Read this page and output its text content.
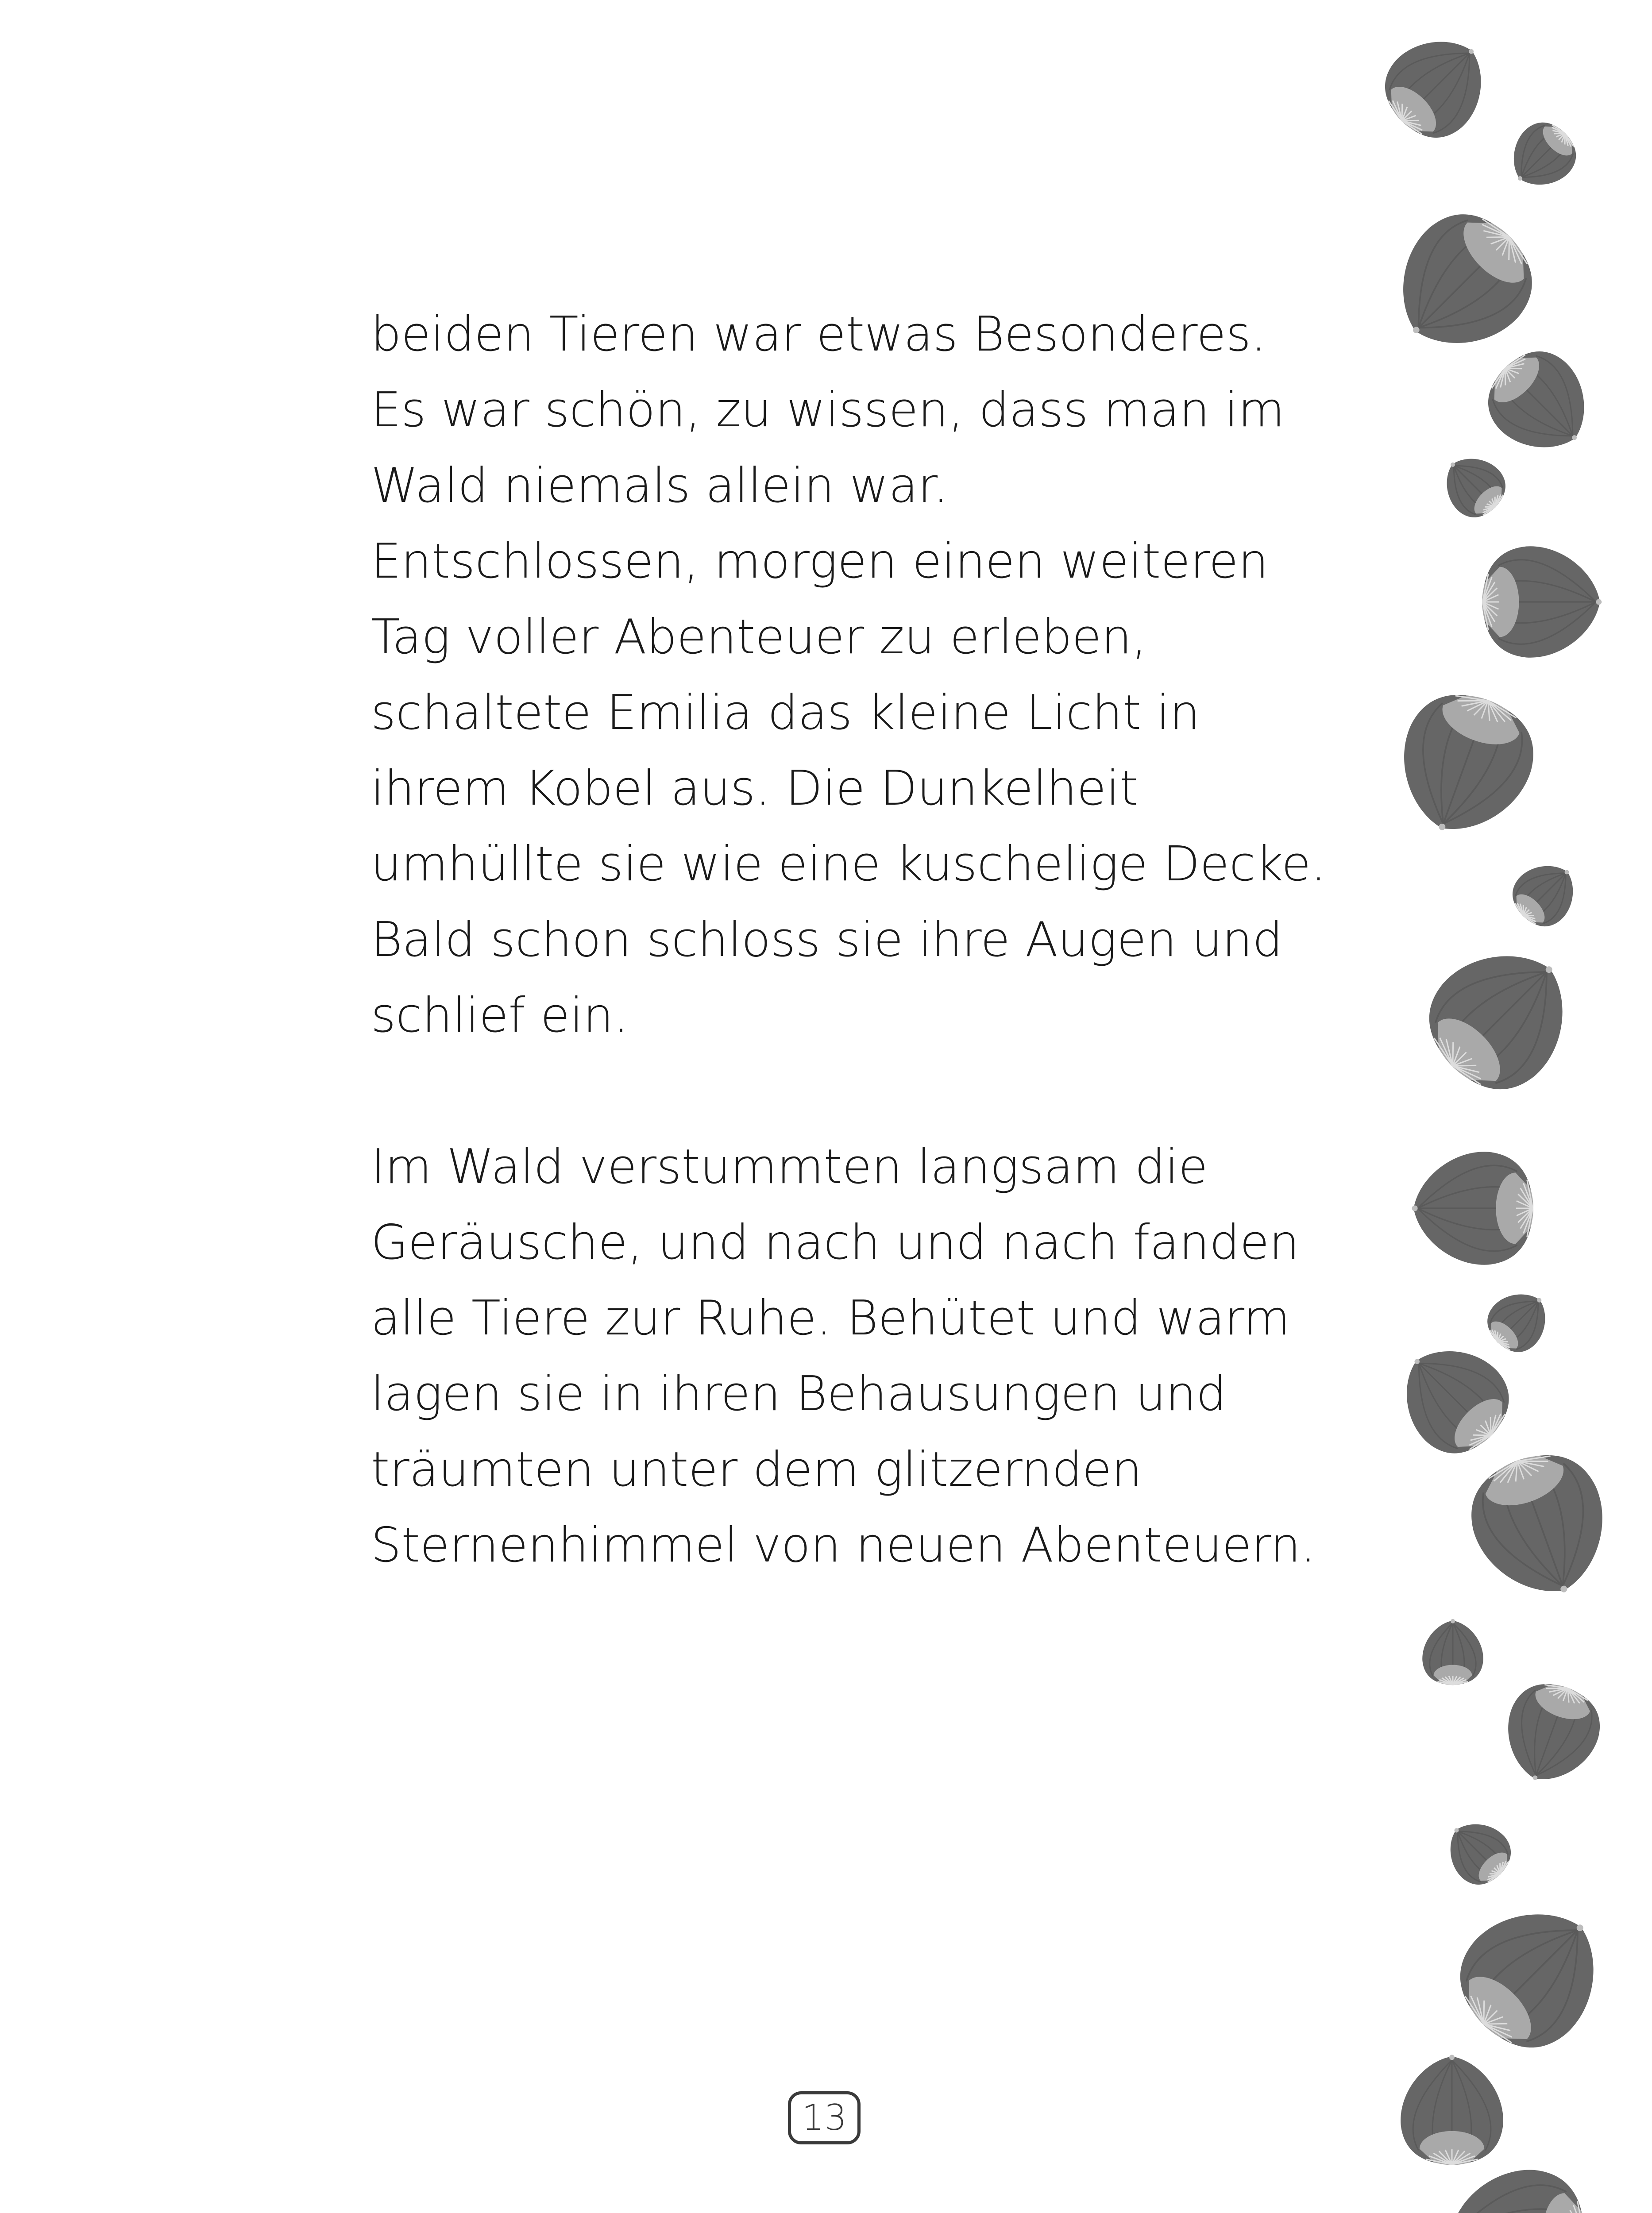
beiden Tieren war etwas Besonderes.
Es war schön, zu wissen, dass man im
Wald niemals allein war.
Entschlossen, morgen einen weiteren
Tag voller Abenteuer zu erleben,
schaltete Emilia das kleine Licht in
ihrem Kobel aus. Die Dunkelheit
umhüllte sie wie eine kuschelige Decke.
Bald schon schloss sie ihre Augen und
schlief ein.

Im Wald verstummten langsam die
Geräusche, und nach und nach fanden
alle Tiere zur Ruhe. Behütet und warm
lagen sie in ihren Behausungen und
träumten unter dem glitzernden
Sternenhimmel von neuen Abenteuern.

13
